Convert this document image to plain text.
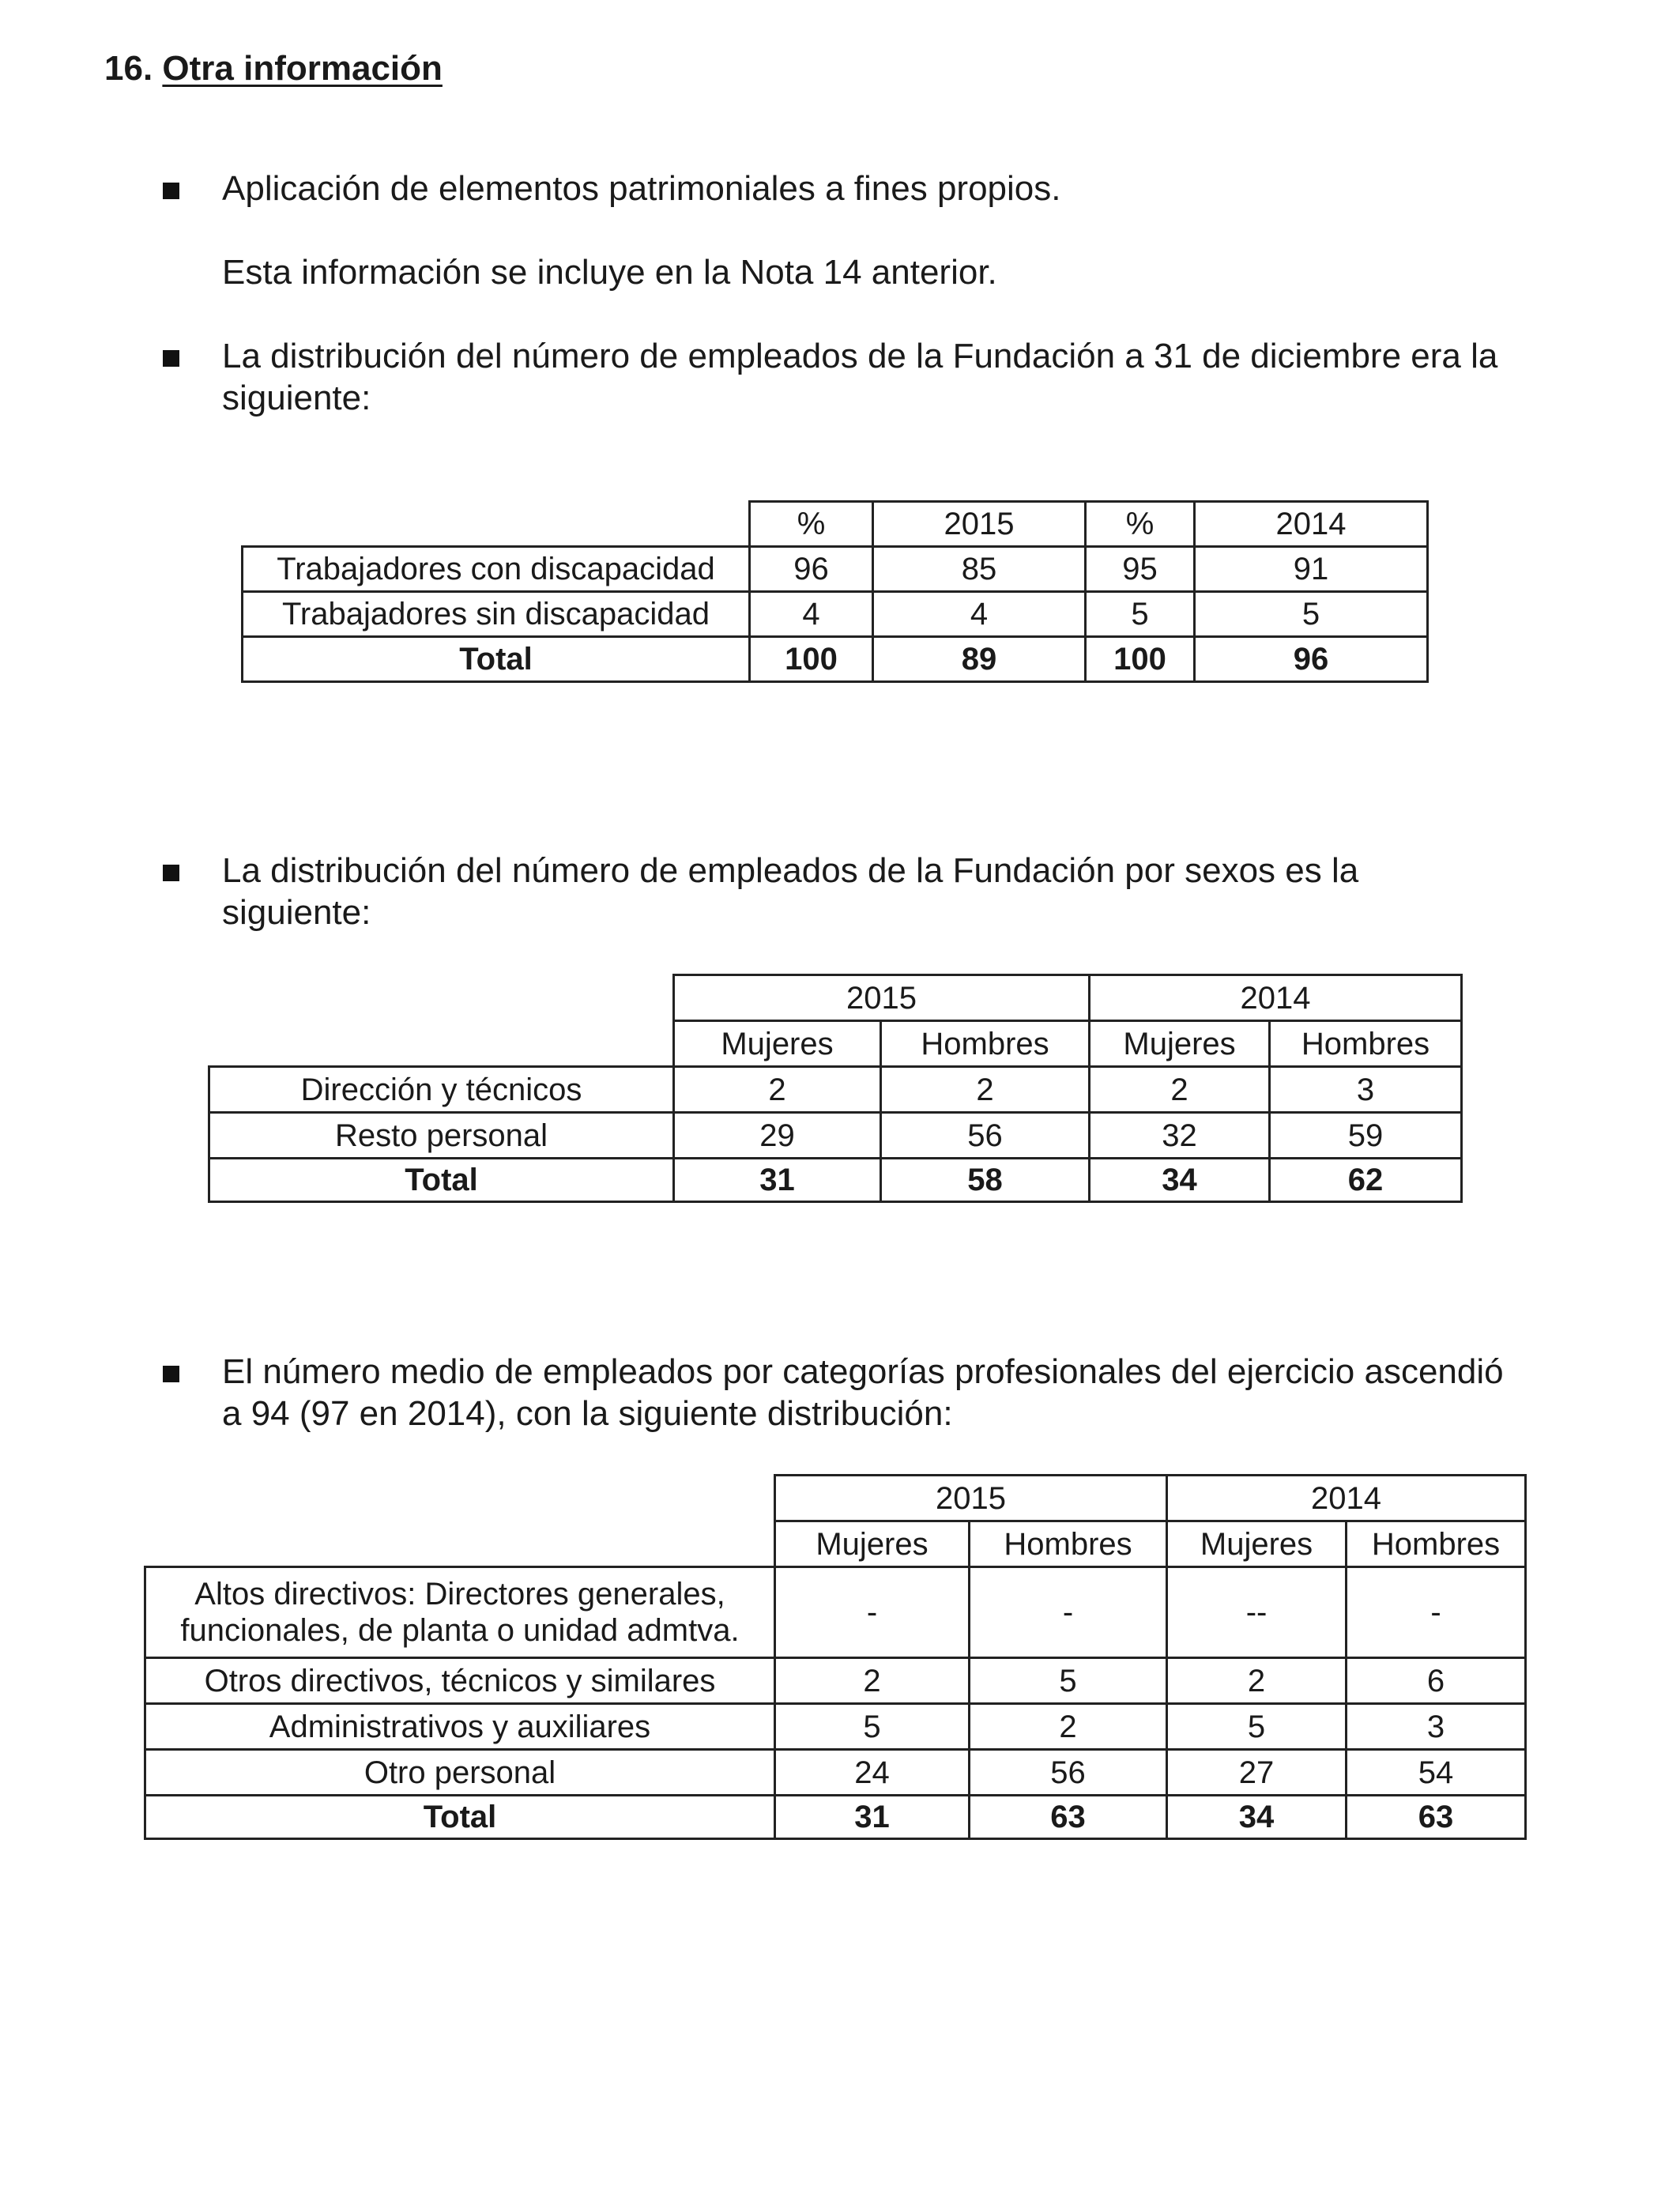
16. Otra información
Aplicación de elementos patrimoniales a fines propios.
Esta información se incluye en la Nota 14 anterior.
La distribución del número de empleados de la Fundación a 31 de diciembre era la
siguiente:
	%	2015	%	2014
Trabajadores con discapacidad	96	85	95	91
Trabajadores sin discapacidad	4	4	5	5
Total	100	89	100	96
La distribución del número de empleados de la Fundación por sexos es la
siguiente:
	2015		2014	
	Mujeres	Hombres	Mujeres	Hombres
Dirección y técnicos	2	2	2	3
Resto personal	29	56	32	59
Total	31	58	34	62
El número medio de empleados por categorías profesionales del ejercicio ascendió
a 94 (97 en 2014), con la siguiente distribución:
	2015		2014	
	Mujeres	Hombres	Mujeres	Hombres

Altos directivos: Directores generales,
funcionales, de planta o unidad admtva.	-	-	--	-
Otros directivos, técnicos y similares	2	5	2	6
Administrativos y auxiliares	5	2	5	3
Otro personal	24	56	27	54
Total	31	63	34	63
